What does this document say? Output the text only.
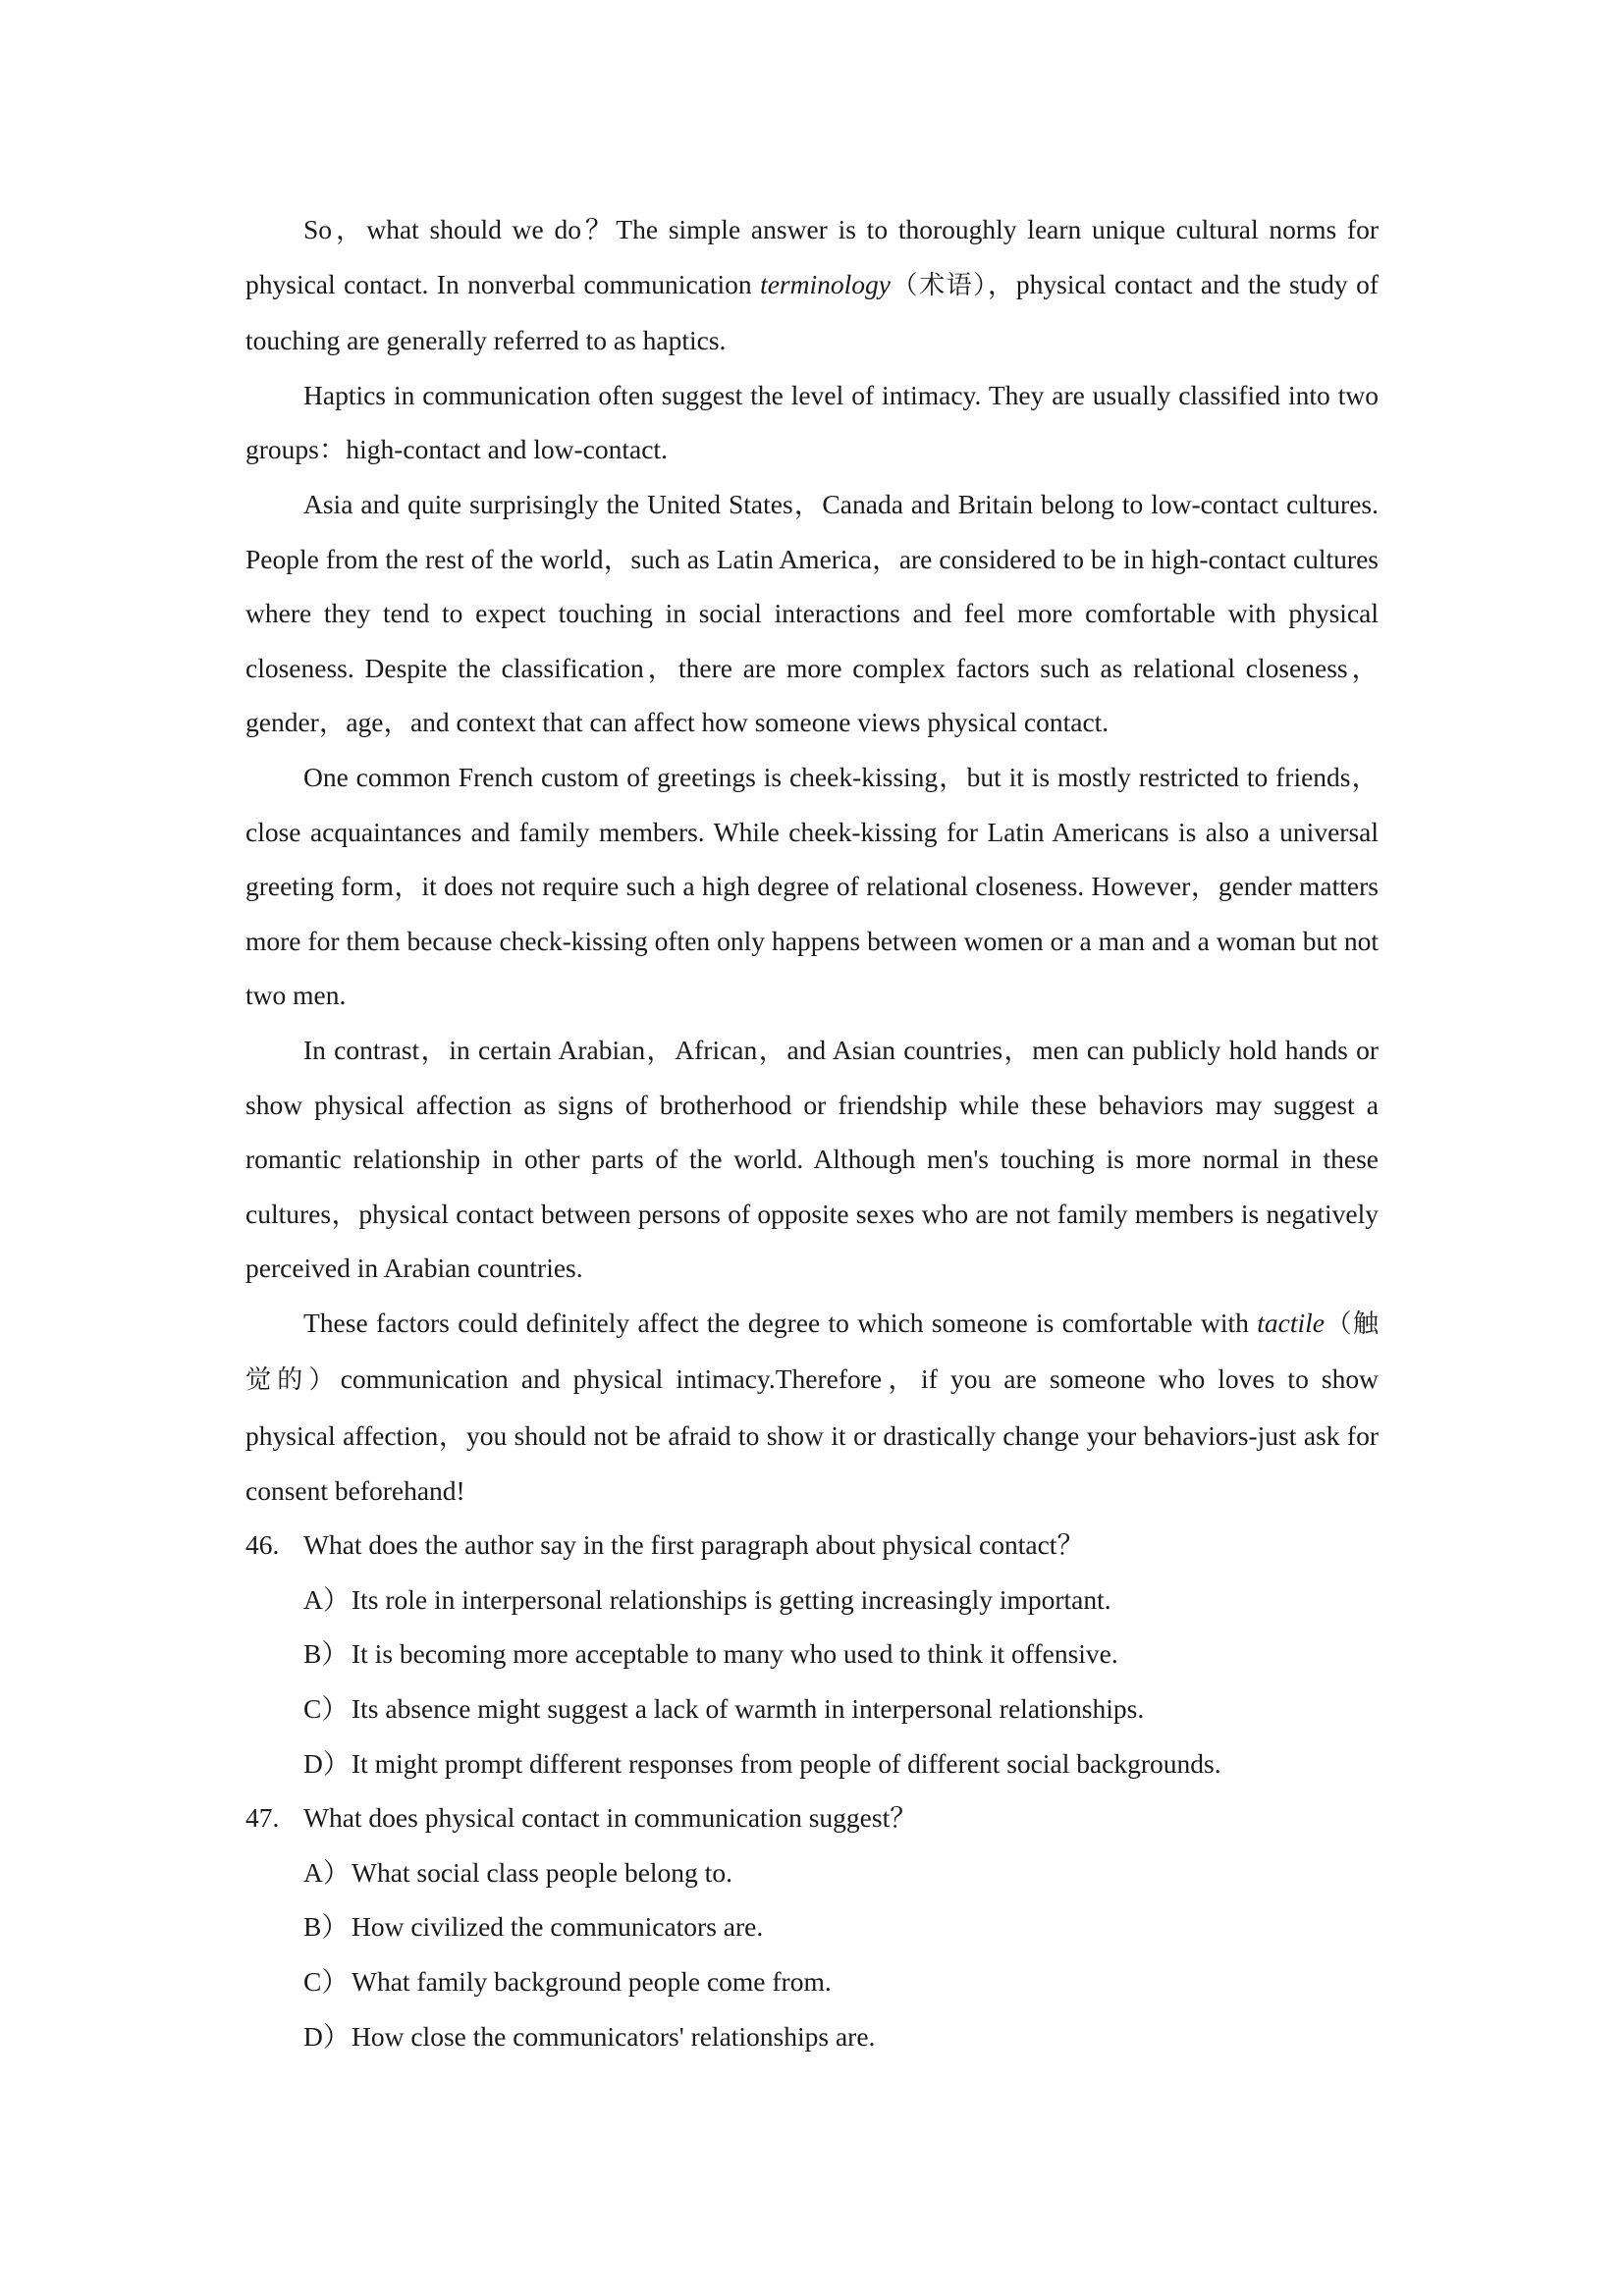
So，what should we do？The simple answer is to thoroughly learn unique cultural norms for physical contact. In nonverbal communication terminology（术语），physical contact and the study of touching are generally referred to as haptics.

Haptics in communication often suggest the level of intimacy. They are usually classified into two groups：high-contact and low-contact.

Asia and quite surprisingly the United States，Canada and Britain belong to low-contact cultures. People from the rest of the world，such as Latin America，are considered to be in high-contact cultures where they tend to expect touching in social interactions and feel more comfortable with physical closeness. Despite the classification，there are more complex factors such as relational closeness，gender，age，and context that can affect how someone views physical contact.

One common French custom of greetings is cheek-kissing，but it is mostly restricted to friends，close acquaintances and family members. While cheek-kissing for Latin Americans is also a universal greeting form，it does not require such a high degree of relational closeness. However，gender matters more for them because check-kissing often only happens between women or a man and a woman but not two men.

In contrast，in certain Arabian，African，and Asian countries，men can publicly hold hands or show physical affection as signs of brotherhood or friendship while these behaviors may suggest a romantic relationship in other parts of the world. Although men's touching is more normal in these cultures，physical contact between persons of opposite sexes who are not family members is negatively perceived in Arabian countries.

These factors could definitely affect the degree to which someone is comfortable with tactile（触觉的）communication and physical intimacy.Therefore，if you are someone who loves to show physical affection，you should not be afraid to show it or drastically change your behaviors-just ask for consent beforehand!

46. What does the author say in the first paragraph about physical contact？

A）Its role in interpersonal relationships is getting increasingly important.

B） It is becoming more acceptable to many who used to think it offensive.

C） Its absence might suggest a lack of warmth in interpersonal relationships.

D）It might prompt different responses from people of different social backgrounds.

47. What does physical contact in communication suggest？

A）What social class people belong to.

B） How civilized the communicators are.

C） What family background people come from.

D）How close the communicators' relationships are.
